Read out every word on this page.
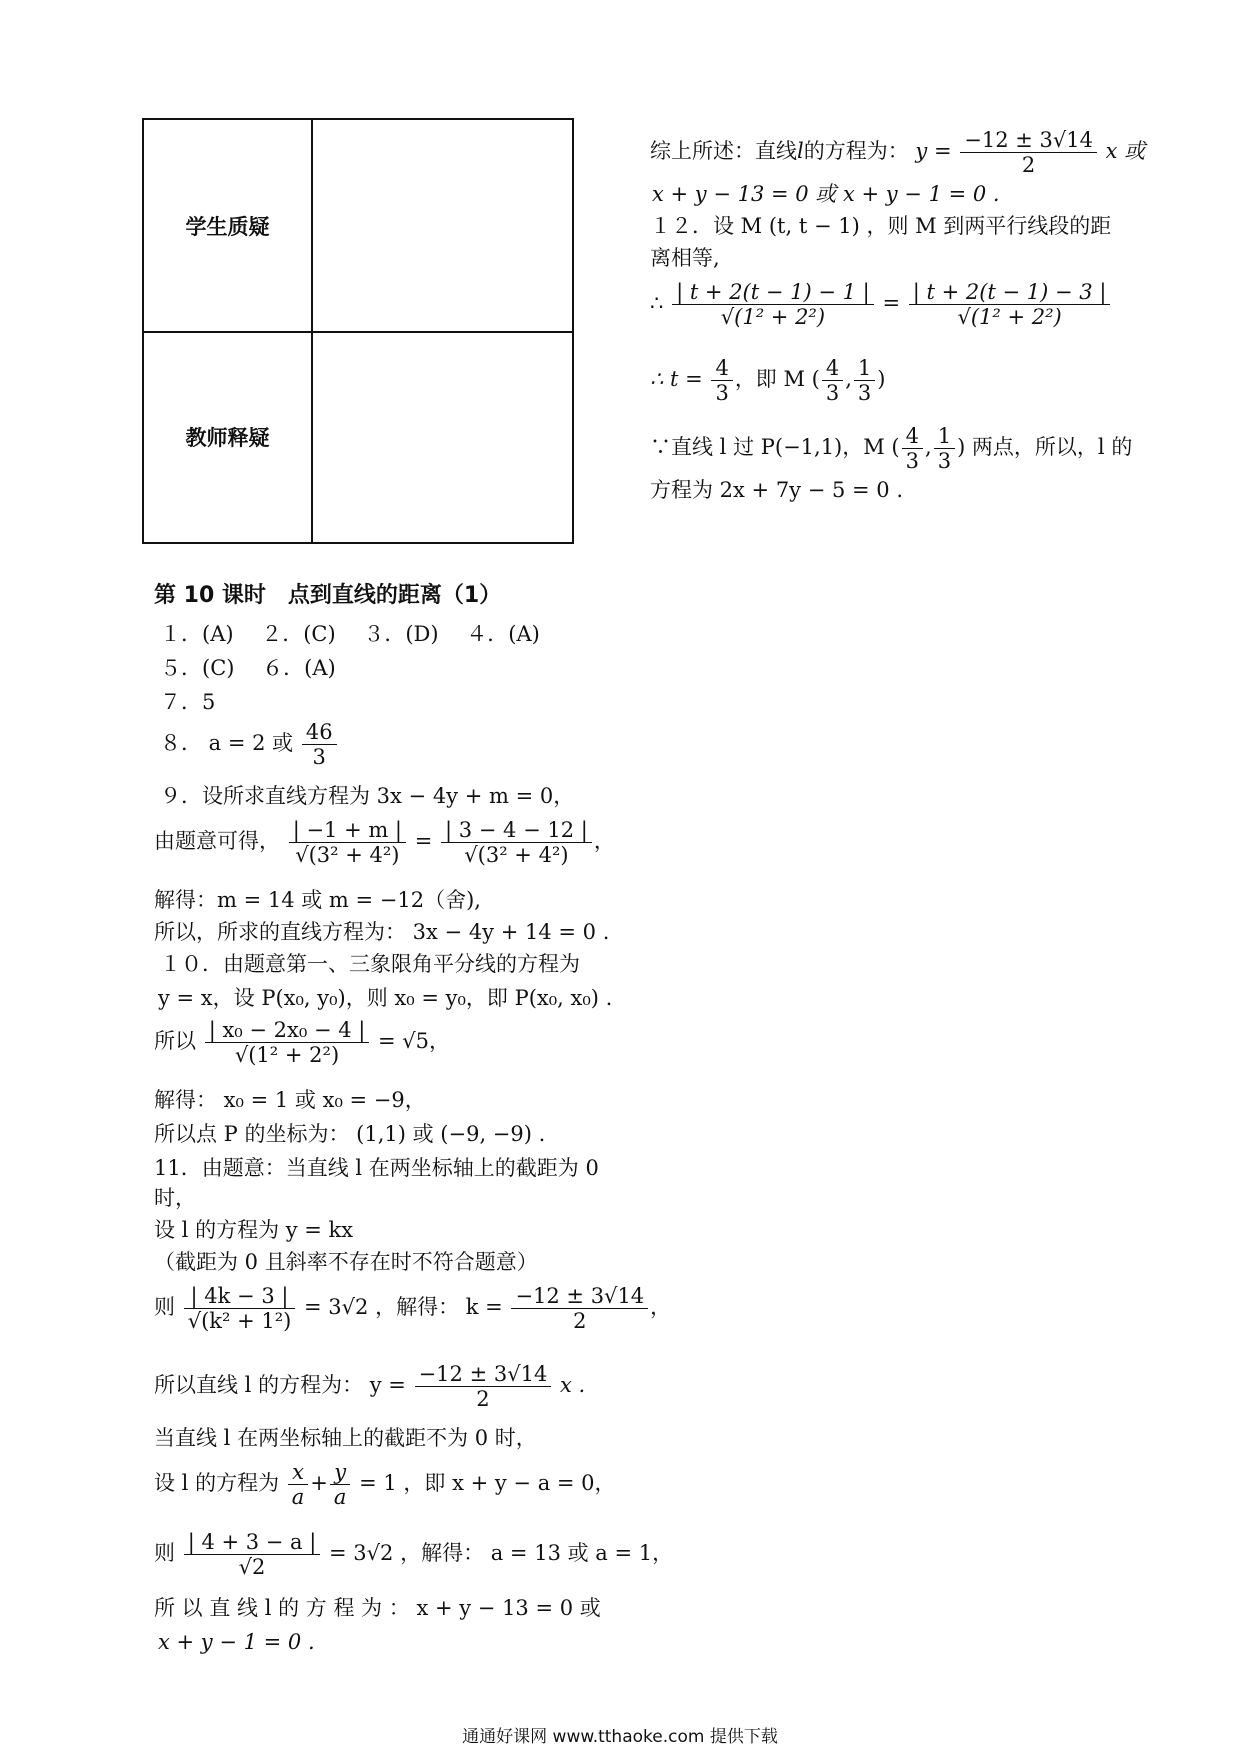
学生质疑
教师释疑
综上所述：直线l的方程为： $y = \frac{-12 \pm 3√14}{2}$ x 或
x + y − 13 = 0 或 x + y − 1 = 0 .
１２．设 M (t, t − 1) ，则 M 到两平行线段的距
离相等,
∴ $\frac{| t + 2(t - 1) - 1 |}{\text{√(1² + 2²)}} = \frac{| t + 2(t - 1) - 3 |}{\text{√(1² + 2²)}}$
∴ $t = \frac{4}{3}$ ，即 M ( $\frac{4}{3}$ , $\frac{1}{3}$ )
∵直线 l 过 P(−1,1)，M ( $\frac{4}{3}$ , $\frac{1}{3}$ ) 两点，所以，l 的
方程为 2x + 7y − 5 = 0 .
第 10 课时　点到直线的距离（1）
１．(A)　 ２．(C)　 ３．(D)　 ４．(A)
５．(C)　 ６．(A)
７．5
８． a = 2 或 $\frac{46}{3}$
９．设所求直线方程为 3x − 4y + m = 0，
由题意可得， $\frac{| -1 + m |}{\text{√(3² + 4²)}} = \frac{| 3 - 4 - 12 |}{\text{√(3² + 4²)}}$ ，
解得：m = 14 或 m = −12（舍),
所以，所求的直线方程为： 3x − 4y + 14 = 0 .
１０．由题意第一、三象限角平分线的方程为
y = x，设 P(x₀, y₀)，则 x₀ = y₀，即 P(x₀, x₀) .
所以 $\frac{\text{| x₀ − 2x₀ − 4 |}}{\text{√(1² + 2²)}} = √5$，
解得： x₀ = 1 或 x₀ = −9，
所以点 P 的坐标为： (1,1) 或 (−9, −9) .
11．由题意：当直线 l 在两坐标轴上的截距为 0
时，
设 l 的方程为 y = kx
（截距为 0 且斜率不存在时不符合题意）
则 $\frac{| 4k - 3 |}{\text{√(k² + 1²)}} = 3√2$ ，解得： $k = \frac{-12 \pm 3√14}{2}$ ，
所以直线 l 的方程为： $y = \frac{-12 \pm 3√14}{2}$ x .
当直线 l 在两坐标轴上的截距不为 0 时，
设 l 的方程为 $\frac{x}{a} + \frac{y}{a} = 1$ ，即 x + y − a = 0，
则 $\frac{| 4 + 3 - a |}{√2} = 3√2$ ，解得： a = 13 或 a = 1，
所 以 直 线 l 的 方 程 为 ： x + y − 13 = 0 或
x + y − 1 = 0 .
通通好课网 www.tthaoke.com 提供下载
